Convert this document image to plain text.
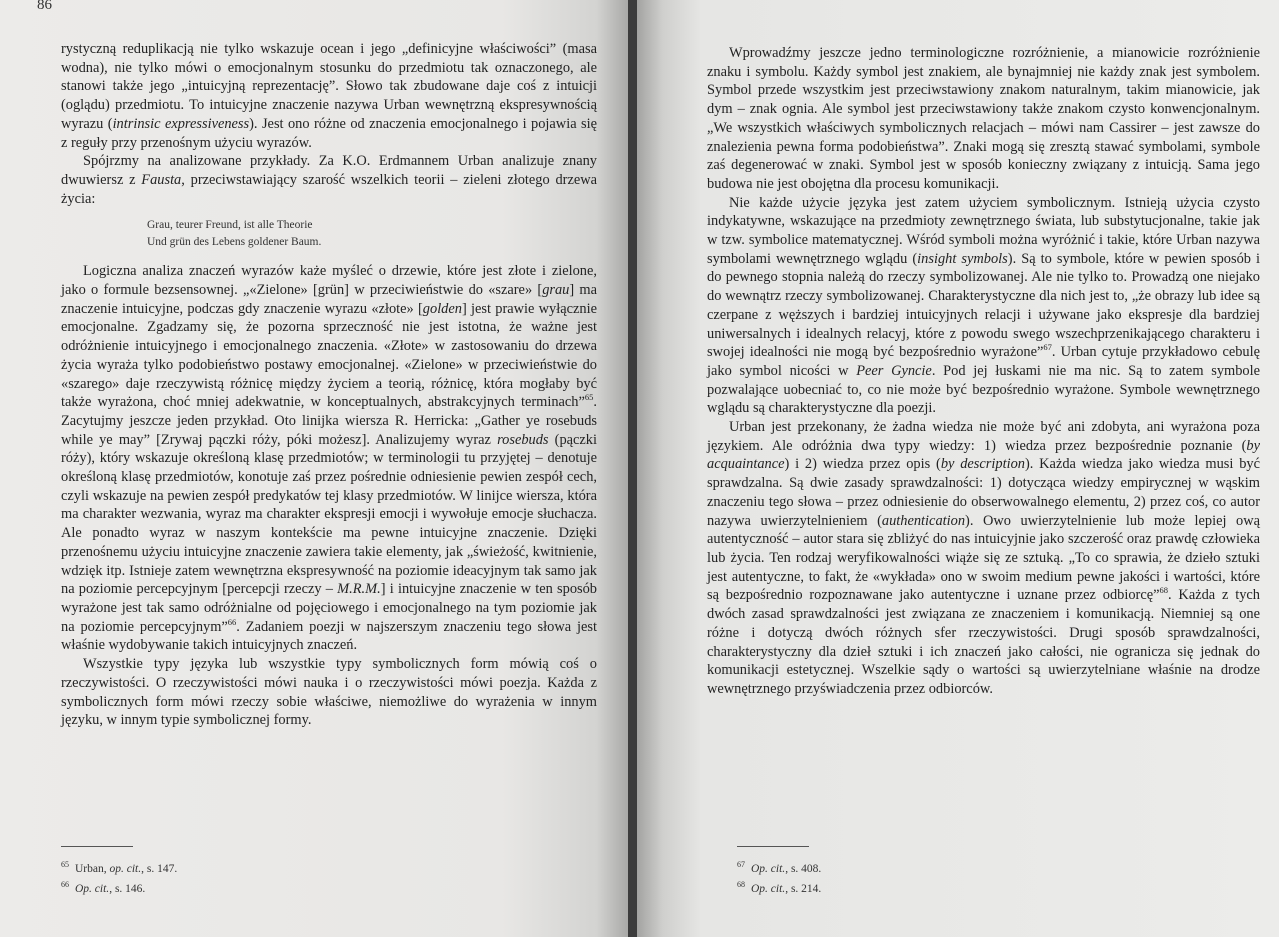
86

rystyczną reduplikacją nie tylko wskazuje ocean i jego „definicyjne właściwości” (masa wodna), nie tylko mówi o emocjonalnym stosunku do przedmiotu tak oznaczonego, ale stanowi także jego „intuicyjną reprezentację”. Słowo tak zbudowane daje coś z intuicji (oglądu) przedmiotu. To intuicyjne znaczenie nazywa Urban wewnętrzną ekspresywnością wyrazu (intrinsic expressiveness). Jest ono różne od znaczenia emocjonalnego i pojawia się z reguły przy przenośnym użyciu wyrazów.

Spójrzmy na analizowane przykłady. Za K.O. Erdmannem Urban analizuje znany dwuwiersz z Fausta, przeciwstawiający szarość wszelkich teorii – zieleni złotego drzewa życia:

Grau, teurer Freund, ist alle Theorie
Und grün des Lebens goldener Baum.

Logiczna analiza znaczeń wyrazów każe myśleć o drzewie, które jest złote i zielone, jako o formule bezsensownej. „«Zielone» [grün] w przeciwieństwie do «szare» [grau] ma znaczenie intuicyjne, podczas gdy znaczenie wyrazu «złote» [golden] jest prawie wyłącznie emocjonalne. Zgadzamy się, że pozorna sprzeczność nie jest istotna, że ważne jest odróżnienie intuicyjnego i emocjonalnego znaczenia. «Złote» w zastosowaniu do drzewa życia wyraża tylko podobieństwo postawy emocjonalnej. «Zielone» w przeciwieństwie do «szarego» daje rzeczywistą różnicę między życiem a teorią, różnicę, która mogłaby być także wyrażona, choć mniej adekwatnie, w konceptualnych, abstrakcyjnych terminach”$^{65}$. Zacytujmy jeszcze jeden przykład. Oto linijka wiersza R. Herricka: „Gather ye rosebuds while ye may” [Zrywaj pączki róży, póki możesz]. Analizujemy wyraz rosebuds (pączki róży), który wskazuje określoną klasę przedmiotów; w terminologii tu przyjętej – denotuje określoną klasę przedmiotów, konotuje zaś przez pośrednie odniesienie pewien zespół cech, czyli wskazuje na pewien zespół predykatów tej klasy przedmiotów. W linijce wiersza, która ma charakter wezwania, wyraz ma charakter ekspresji emocji i wywołuje emocje słuchacza. Ale ponadto wyraz w naszym kontekście ma pewne intuicyjne znaczenie. Dzięki przenośnemu użyciu intuicyjne znaczenie zawiera takie elementy, jak „świeżość, kwitnienie, wdzięk itp. Istnieje zatem wewnętrzna ekspresywność na poziomie ideacyjnym tak samo jak na poziomie percepcyjnym [percepcji rzeczy – M.R.M.] i intuicyjne znaczenie w ten sposób wyrażone jest tak samo odróżnialne od pojęciowego i emocjonalnego na tym poziomie jak na poziomie percepcyjnym”$^{66}$. Zadaniem poezji w najszerszym znaczeniu tego słowa jest właśnie wydobywanie takich intuicyjnych znaczeń.

Wszystkie typy języka lub wszystkie typy symbolicznych form mówią coś o rzeczywistości. O rzeczywistości mówi nauka i o rzeczywistości mówi poezja. Każda z symbolicznych form mówi rzeczy sobie właściwe, niemożliwe do wyrażenia w innym języku, w innym typie symbolicznej formy.

$^{65}$ Urban, op. cit., s. 147.
$^{66}$ Op. cit., s. 146.

Wprowadźmy jeszcze jedno terminologiczne rozróżnienie, a mianowicie rozróżnienie znaku i symbolu. Każdy symbol jest znakiem, ale bynajmniej nie każdy znak jest symbolem. Symbol przede wszystkim jest przeciwstawiony znakom naturalnym, takim mianowicie, jak dym – znak ognia. Ale symbol jest przeciwstawiony także znakom czysto konwencjonalnym. „We wszystkich właściwych symbolicznych relacjach – mówi nam Cassirer – jest zawsze do znalezienia pewna forma podobieństwa”. Znaki mogą się zresztą stawać symbolami, symbole zaś degenerować w znaki. Symbol jest w sposób konieczny związany z intuicją. Sama jego budowa nie jest obojętna dla procesu komunikacji.

Nie każde użycie języka jest zatem użyciem symbolicznym. Istnieją użycia czysto indykatywne, wskazujące na przedmioty zewnętrznego świata, lub substytucjonalne, takie jak w tzw. symbolice matematycznej. Wśród symboli można wyróżnić i takie, które Urban nazywa symbolami wewnętrznego wglądu (insight symbols). Są to symbole, które w pewien sposób i do pewnego stopnia należą do rzeczy symbolizowanej. Ale nie tylko to. Prowadzą one niejako do wewnątrz rzeczy symbolizowanej. Charakterystyczne dla nich jest to, „że obrazy lub idee są czerpane z węższych i bardziej intuicyjnych relacji i używane jako ekspresje dla bardziej uniwersalnych i idealnych relacyj, które z powodu swego wszechprzenikającego charakteru i swojej idealności nie mogą być bezpośrednio wyrażone”$^{67}$. Urban cytuje przykładowo cebulę jako symbol nicości w Peer Gyncie. Pod jej łuskami nie ma nic. Są to zatem symbole pozwalające uobecniać to, co nie może być bezpośrednio wyrażone. Symbole wewnętrznego wglądu są charakterystyczne dla poezji.

Urban jest przekonany, że żadna wiedza nie może być ani zdobyta, ani wyrażona poza językiem. Ale odróżnia dwa typy wiedzy: 1) wiedza przez bezpośrednie poznanie (by acquaintance) i 2) wiedza przez opis (by description). Każda wiedza jako wiedza musi być sprawdzalna. Są dwie zasady sprawdzalności: 1) dotycząca wiedzy empirycznej w wąskim znaczeniu tego słowa – przez odniesienie do obserwowalnego elementu, 2) przez coś, co autor nazywa uwierzytelnieniem (authentication). Owo uwierzytelnienie lub może lepiej ową autentyczność – autor stara się zbliżyć do nas intuicyjnie jako szczerość oraz prawdę człowieka lub życia. Ten rodzaj weryfikowalności wiąże się ze sztuką. „To co sprawia, że dzieło sztuki jest autentyczne, to fakt, że «wykłada» ono w swoim medium pewne jakości i wartości, które są bezpośrednio rozpoznawane jako autentyczne i uznane przez odbiorcę”$^{68}$. Każda z tych dwóch zasad sprawdzalności jest związana ze znaczeniem i komunikacją. Niemniej są one różne i dotyczą dwóch różnych sfer rzeczywistości. Drugi sposób sprawdzalności, charakterystyczny dla dzieł sztuki i ich znaczeń jako całości, nie ogranicza się jednak do komunikacji estetycznej. Wszelkie sądy o wartości są uwierzytelniane właśnie na drodze wewnętrznego przyświadczenia przez odbiorców.

$^{67}$ Op. cit., s. 408.
$^{68}$ Op. cit., s. 214.
